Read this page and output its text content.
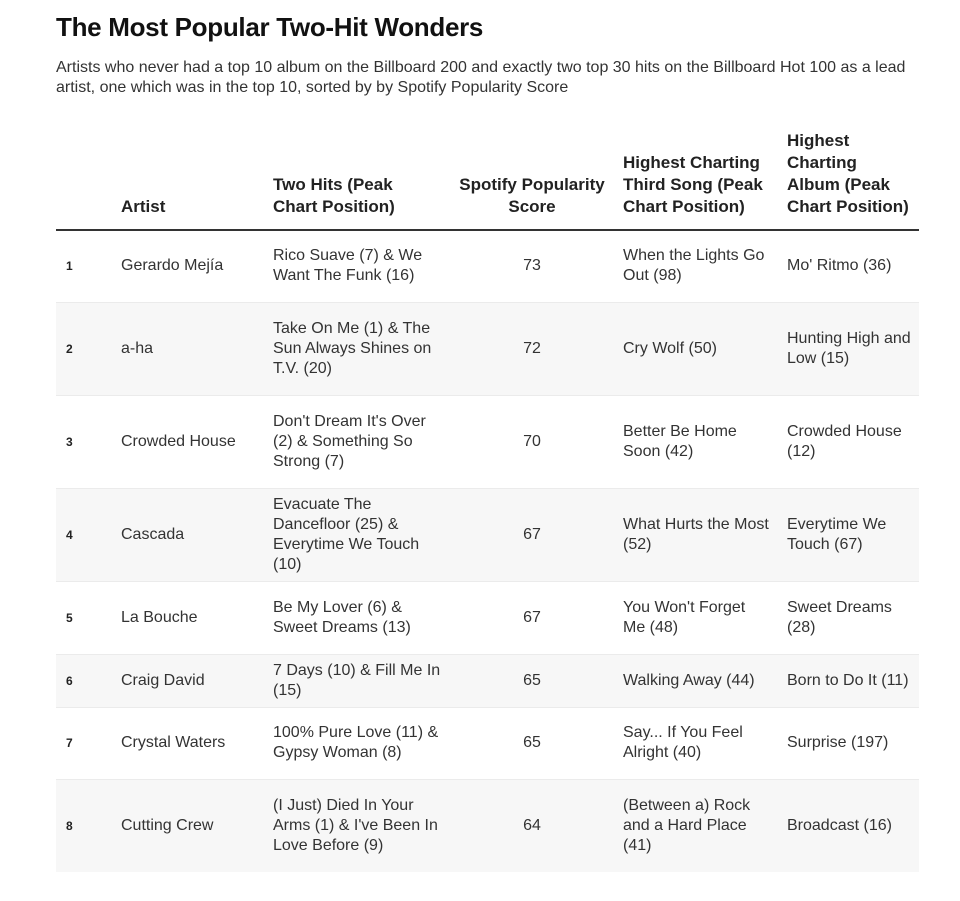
The Most Popular Two-Hit Wonders

Artists who never had a top 10 album on the Billboard 200 and exactly two top 30 hits on the Billboard Hot 100 as a lead artist, one which was in the top 10, sorted by by Spotify Popularity Score

	Artist	Two Hits (Peak Chart Position)	Spotify Popularity Score	Highest Charting Third Song (Peak Chart Position)	Highest Charting Album (Peak Chart Position)
1	Gerardo Mejía	Rico Suave (7) & We Want The Funk (16)	73	When the Lights Go Out (98)	Mo' Ritmo (36)
2	a-ha	Take On Me (1) & The Sun Always Shines on T.V. (20)	72	Cry Wolf (50)	Hunting High and Low (15)
3	Crowded House	Don't Dream It's Over (2) & Something So Strong (7)	70	Better Be Home Soon (42)	Crowded House (12)
4	Cascada	Evacuate The Dancefloor (25) & Everytime We Touch (10)	67	What Hurts the Most (52)	Everytime We Touch (67)
5	La Bouche	Be My Lover (6) & Sweet Dreams (13)	67	You Won't Forget Me (48)	Sweet Dreams (28)
6	Craig David	7 Days (10) & Fill Me In (15)	65	Walking Away (44)	Born to Do It (11)
7	Crystal Waters	100% Pure Love (11) & Gypsy Woman (8)	65	Say... If You Feel Alright (40)	Surprise (197)
8	Cutting Crew	(I Just) Died In Your Arms (1) & I've Been In Love Before (9)	64	(Between a) Rock and a Hard Place (41)	Broadcast (16)
